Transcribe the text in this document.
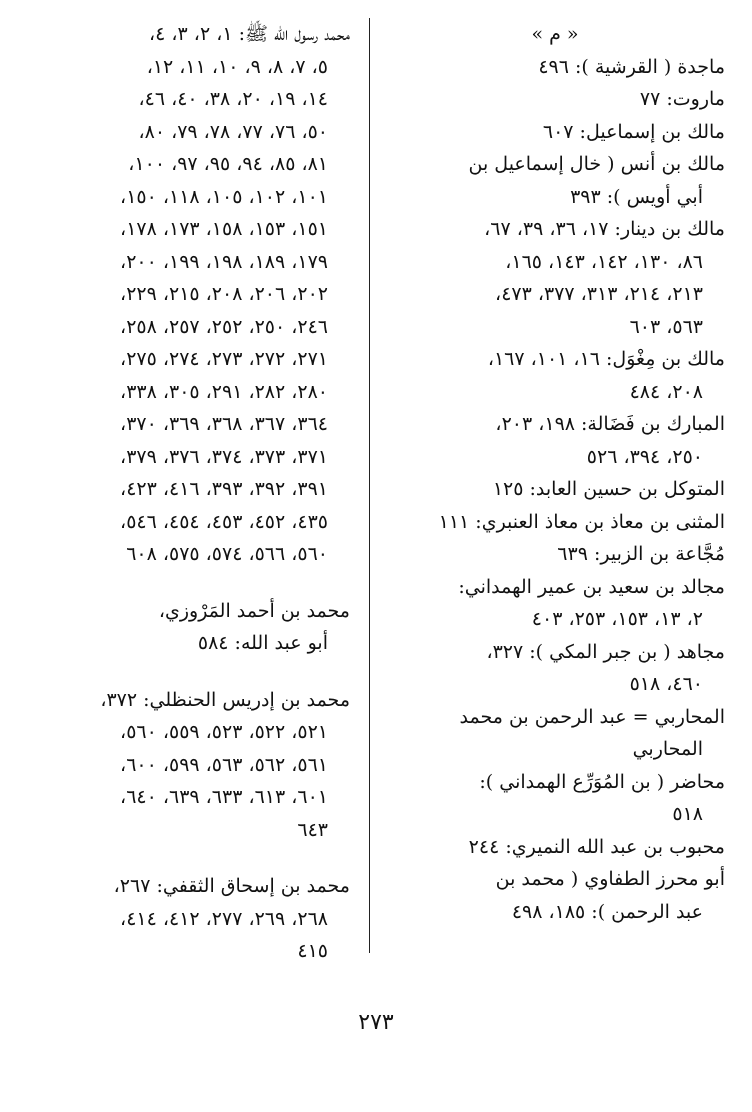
« م »
ماجدة ( القرشية ): ٤٩٦
ماروت: ٧٧
مالك بن إسماعيل: ٦٠٧
مالك بن أنس ( خال إسماعيل بن
أبي أويس ): ٣٩٣
مالك بن دينار: ١٧، ٣٦، ٣٩، ٦٧،
٨٦، ١٣٠، ١٤٢، ١٤٣، ١٦٥،
٢١٣، ٢١٤، ٣١٣، ٣٧٧، ٤٧٣،
٥٦٣، ٦٠٣
مالك بن مِغْوَل: ١٦، ١٠١، ١٦٧،
٢٠٨، ٤٨٤
المبارك بن فَضَالة: ١٩٨، ٢٠٣،
٢٥٠، ٣٩٤، ٥٢٦
المتوكل بن حسين العابد: ١٢٥
المثنى بن معاذ بن معاذ العنبري: ١١١
مُجَّاعة بن الزبير: ٦٣٩
مجالد بن سعيد بن عمير الهمداني:
٢، ١٣، ١٥٣، ٢٥٣، ٤٠٣
مجاهد ( بن جبر المكي ): ٣٢٧،
٤٦٠، ٥١٨
المحاربي = عبد الرحمن بن محمد
المحاربي
محاضر ( بن المُوَرِّع الهمداني ):
٥١٨
محبوب بن عبد الله النميري: ٢٤٤
أبو محرز الطفاوي ( محمد بن
عبد الرحمن ): ١٨٥، ٤٩٨
محمد رسول الله ﷺ: ١، ٢، ٣، ٤،
٥، ٧، ٨، ٩، ١٠، ١١، ١٢،
١٤، ١٩، ٢٠، ٣٨، ٤٠، ٤٦،
٥٠، ٧٦، ٧٧، ٧٨، ٧٩، ٨٠،
٨١، ٨٥، ٩٤، ٩٥، ٩٧، ١٠٠،
١٠١، ١٠٢، ١٠٥، ١١٨، ١٥٠،
١٥١، ١٥٣، ١٥٨، ١٧٣، ١٧٨،
١٧٩، ١٨٩، ١٩٨، ١٩٩، ٢٠٠،
٢٠٢، ٢٠٦، ٢٠٨، ٢١٥، ٢٢٩،
٢٤٦، ٢٥٠، ٢٥٢، ٢٥٧، ٢٥٨،
٢٧١، ٢٧٢، ٢٧٣، ٢٧٤، ٢٧٥،
٢٨٠، ٢٨٢، ٢٩١، ٣٠٥، ٣٣٨،
٣٦٤، ٣٦٧، ٣٦٨، ٣٦٩، ٣٧٠،
٣٧١، ٣٧٣، ٣٧٤، ٣٧٦، ٣٧٩،
٣٩١، ٣٩٢، ٣٩٣، ٤١٦، ٤٢٣،
٤٣٥، ٤٥٢، ٤٥٣، ٤٥٤، ٥٤٦،
٥٦٠، ٥٦٦، ٥٧٤، ٥٧٥، ٦٠٨
محمد بن أحمد المَرْوزي،
أبو عبد الله: ٥٨٤
محمد بن إدريس الحنظلي: ٣٧٢،
٥٢١، ٥٢٢، ٥٢٣، ٥٥٩، ٥٦٠،
٥٦١، ٥٦٢، ٥٦٣، ٥٩٩، ٦٠٠،
٦٠١، ٦١٣، ٦٣٣، ٦٣٩، ٦٤٠،
٦٤٣
محمد بن إسحاق الثقفي: ٢٦٧،
٢٦٨، ٢٦٩، ٢٧٧، ٤١٢، ٤١٤،
٤١٥
٢٧٣
